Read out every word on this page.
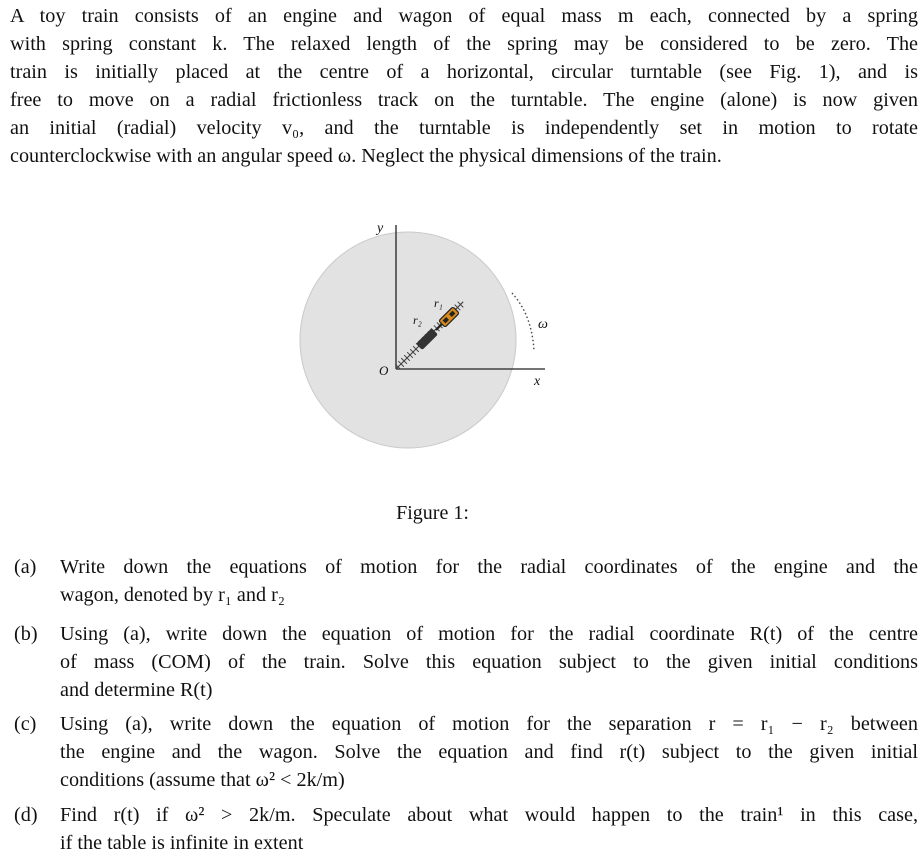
A toy train consists of an engine and wagon of equal mass m each, connected by a spring
with spring constant k. The relaxed length of the spring may be considered to be zero. The
train is initially placed at the centre of a horizontal, circular turntable (see Fig. 1), and is
free to move on a radial frictionless track on the turntable. The engine (alone) is now given
an initial (radial) velocity v₀, and the turntable is independently set in motion to rotate
counterclockwise with an angular speed ω. Neglect the physical dimensions of the train.
y
x
O
ω
r₁
r₂
Figure 1:
(a) Write down the equations of motion for the radial coordinates of the engine and the
wagon, denoted by r₁ and r₂
(b) Using (a), write down the equation of motion for the radial coordinate R(t) of the centre
of mass (COM) of the train. Solve this equation subject to the given initial conditions
and determine R(t)
(c) Using (a), write down the equation of motion for the separation r = r₁ − r₂ between
the engine and the wagon. Solve the equation and find r(t) subject to the given initial
conditions (assume that ω² < 2k/m)
(d) Find r(t) if ω² > 2k/m. Speculate about what would happen to the train¹ in this case,
if the table is infinite in extent
